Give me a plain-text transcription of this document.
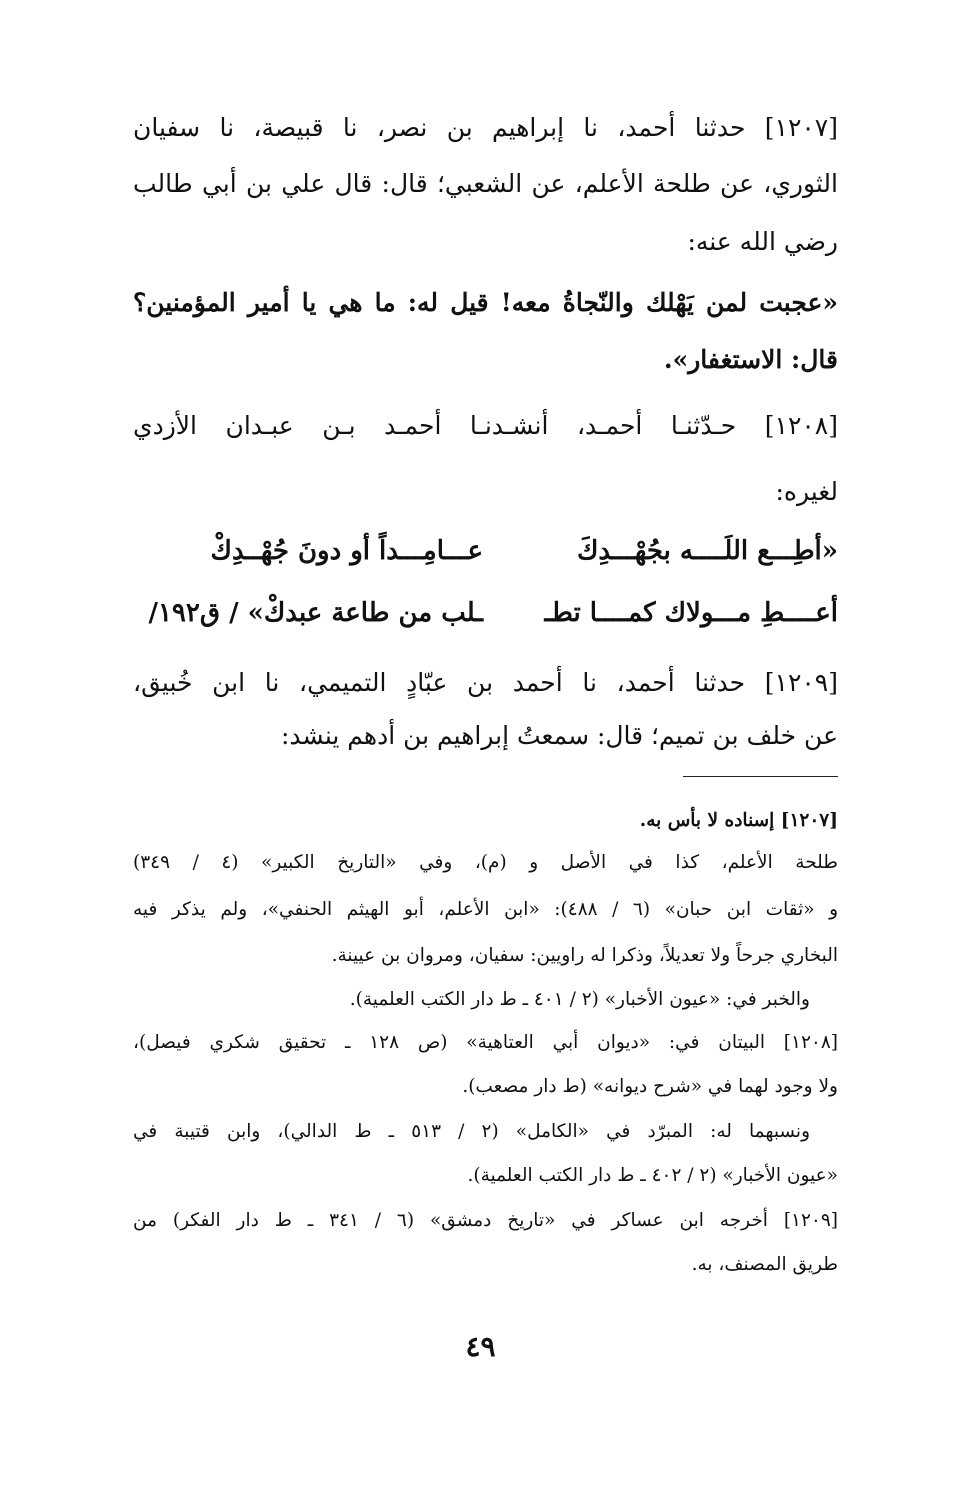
[١٢٠٧] حدثنا أحمد، نا إبراهيم بن نصر، نا قبيصة، نا سفيان
الثوري، عن طلحة الأعلم، عن الشعبي؛ قال: قال علي بن أبي طالب
رضي الله عنه:
«عجبت لمن يَهْلك والنّجاةُ معه! قيل له: ما هي يا أمير المؤمنين؟
قال: الاستغفار».
[١٢٠٨] حـدّثنـا أحمـد، أنشـدنـا أحمـد بـن عبـدان الأزدي
لغيره:
«أطِـــع اللَــــه بجُهْـــدِكَ
عـــامِـــداً أو دونَ جُهْــدِكْ
أعــــطِ مـــولاك كمــــا تطـ
ـلب من طاعة عبدكْ» / ق١٩٢/
[١٢٠٩] حدثنا أحمد، نا أحمد بن عبّادٍ التميمي، نا ابن خُبيق،
عن خلف بن تميم؛ قال: سمعتُ إبراهيم بن أدهم ينشد:
[١٢٠٧] إسناده لا بأس به.
طلحة الأعلم، كذا في الأصل و (م)، وفي «التاريخ الكبير» (٤ / ٣٤٩)
و «ثقات ابن حبان» (٦ / ٤٨٨): «ابن الأعلم، أبو الهيثم الحنفي»، ولم يذكر فيه
البخاري جرحاً ولا تعديلاً، وذكرا له راويين: سفيان، ومروان بن عيينة.
والخبر في: «عيون الأخبار» (٢ / ٤٠١ ـ ط دار الكتب العلمية).
[١٢٠٨] البيتان في: «ديوان أبي العتاهية» (ص ١٢٨ ـ تحقيق شكري فيصل)،
ولا وجود لهما في «شرح ديوانه» (ط دار مصعب).
ونسبهما له: المبرّد في «الكامل» (٢ / ٥١٣ ـ ط الدالي)، وابن قتيبة في
«عيون الأخبار» (٢ / ٤٠٢ ـ ط دار الكتب العلمية).
[١٢٠٩] أخرجه ابن عساكر في «تاريخ دمشق» (٦ / ٣٤١ ـ ط دار الفكر) من
طريق المصنف، به.
٤٩
